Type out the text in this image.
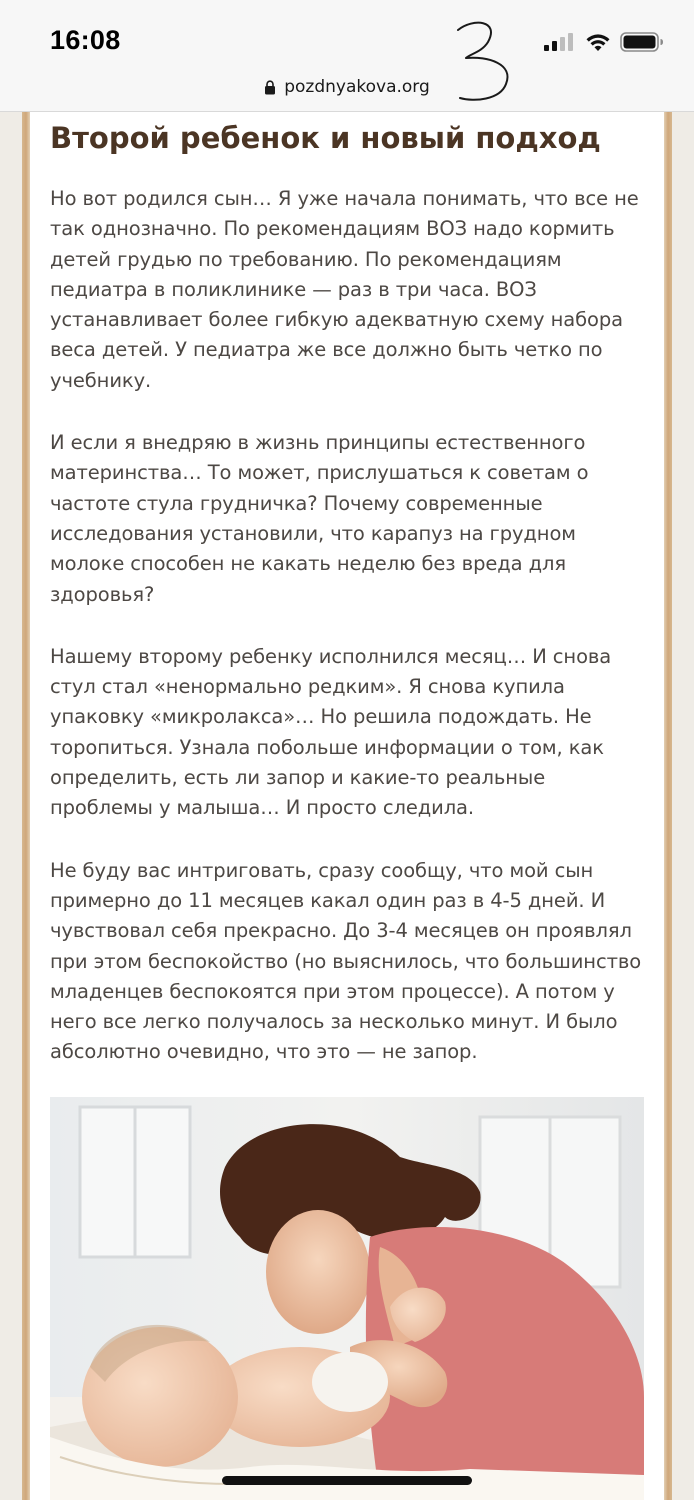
16:08
pozdnyakova.org
Второй ребенок и новый подход

Но вот родился сын… Я уже начала понимать, что все не так однозначно. По рекомендациям ВОЗ надо кормить детей грудью по требованию. По рекомендациям педиатра в поликлинике — раз в три часа. ВОЗ устанавливает более гибкую адекватную схему набора веса детей. У педиатра же все должно быть четко по учебнику.

И если я внедряю в жизнь принципы естественного материнства… То может, прислушаться к советам о частоте стула грудничка? Почему современные исследования установили, что карапуз на грудном молоке способен не какать неделю без вреда для здоровья?

Нашему второму ребенку исполнился месяц… И снова стул стал «ненормально редким». Я снова купила упаковку «микролакса»… Но решила подождать. Не торопиться. Узнала побольше информации о том, как определить, есть ли запор и какие-то реальные проблемы у малыша… И просто следила.

Не буду вас интриговать, сразу сообщу, что мой сын примерно до 11 месяцев какал один раз в 4-5 дней. И чувствовал себя прекрасно. До 3-4 месяцев он проявлял при этом беспокойство (но выяснилось, что большинство младенцев беспокоятся при этом процессе). А потом у него все легко получалось за несколько минут. И было абсолютно очевидно, что это — не запор.
